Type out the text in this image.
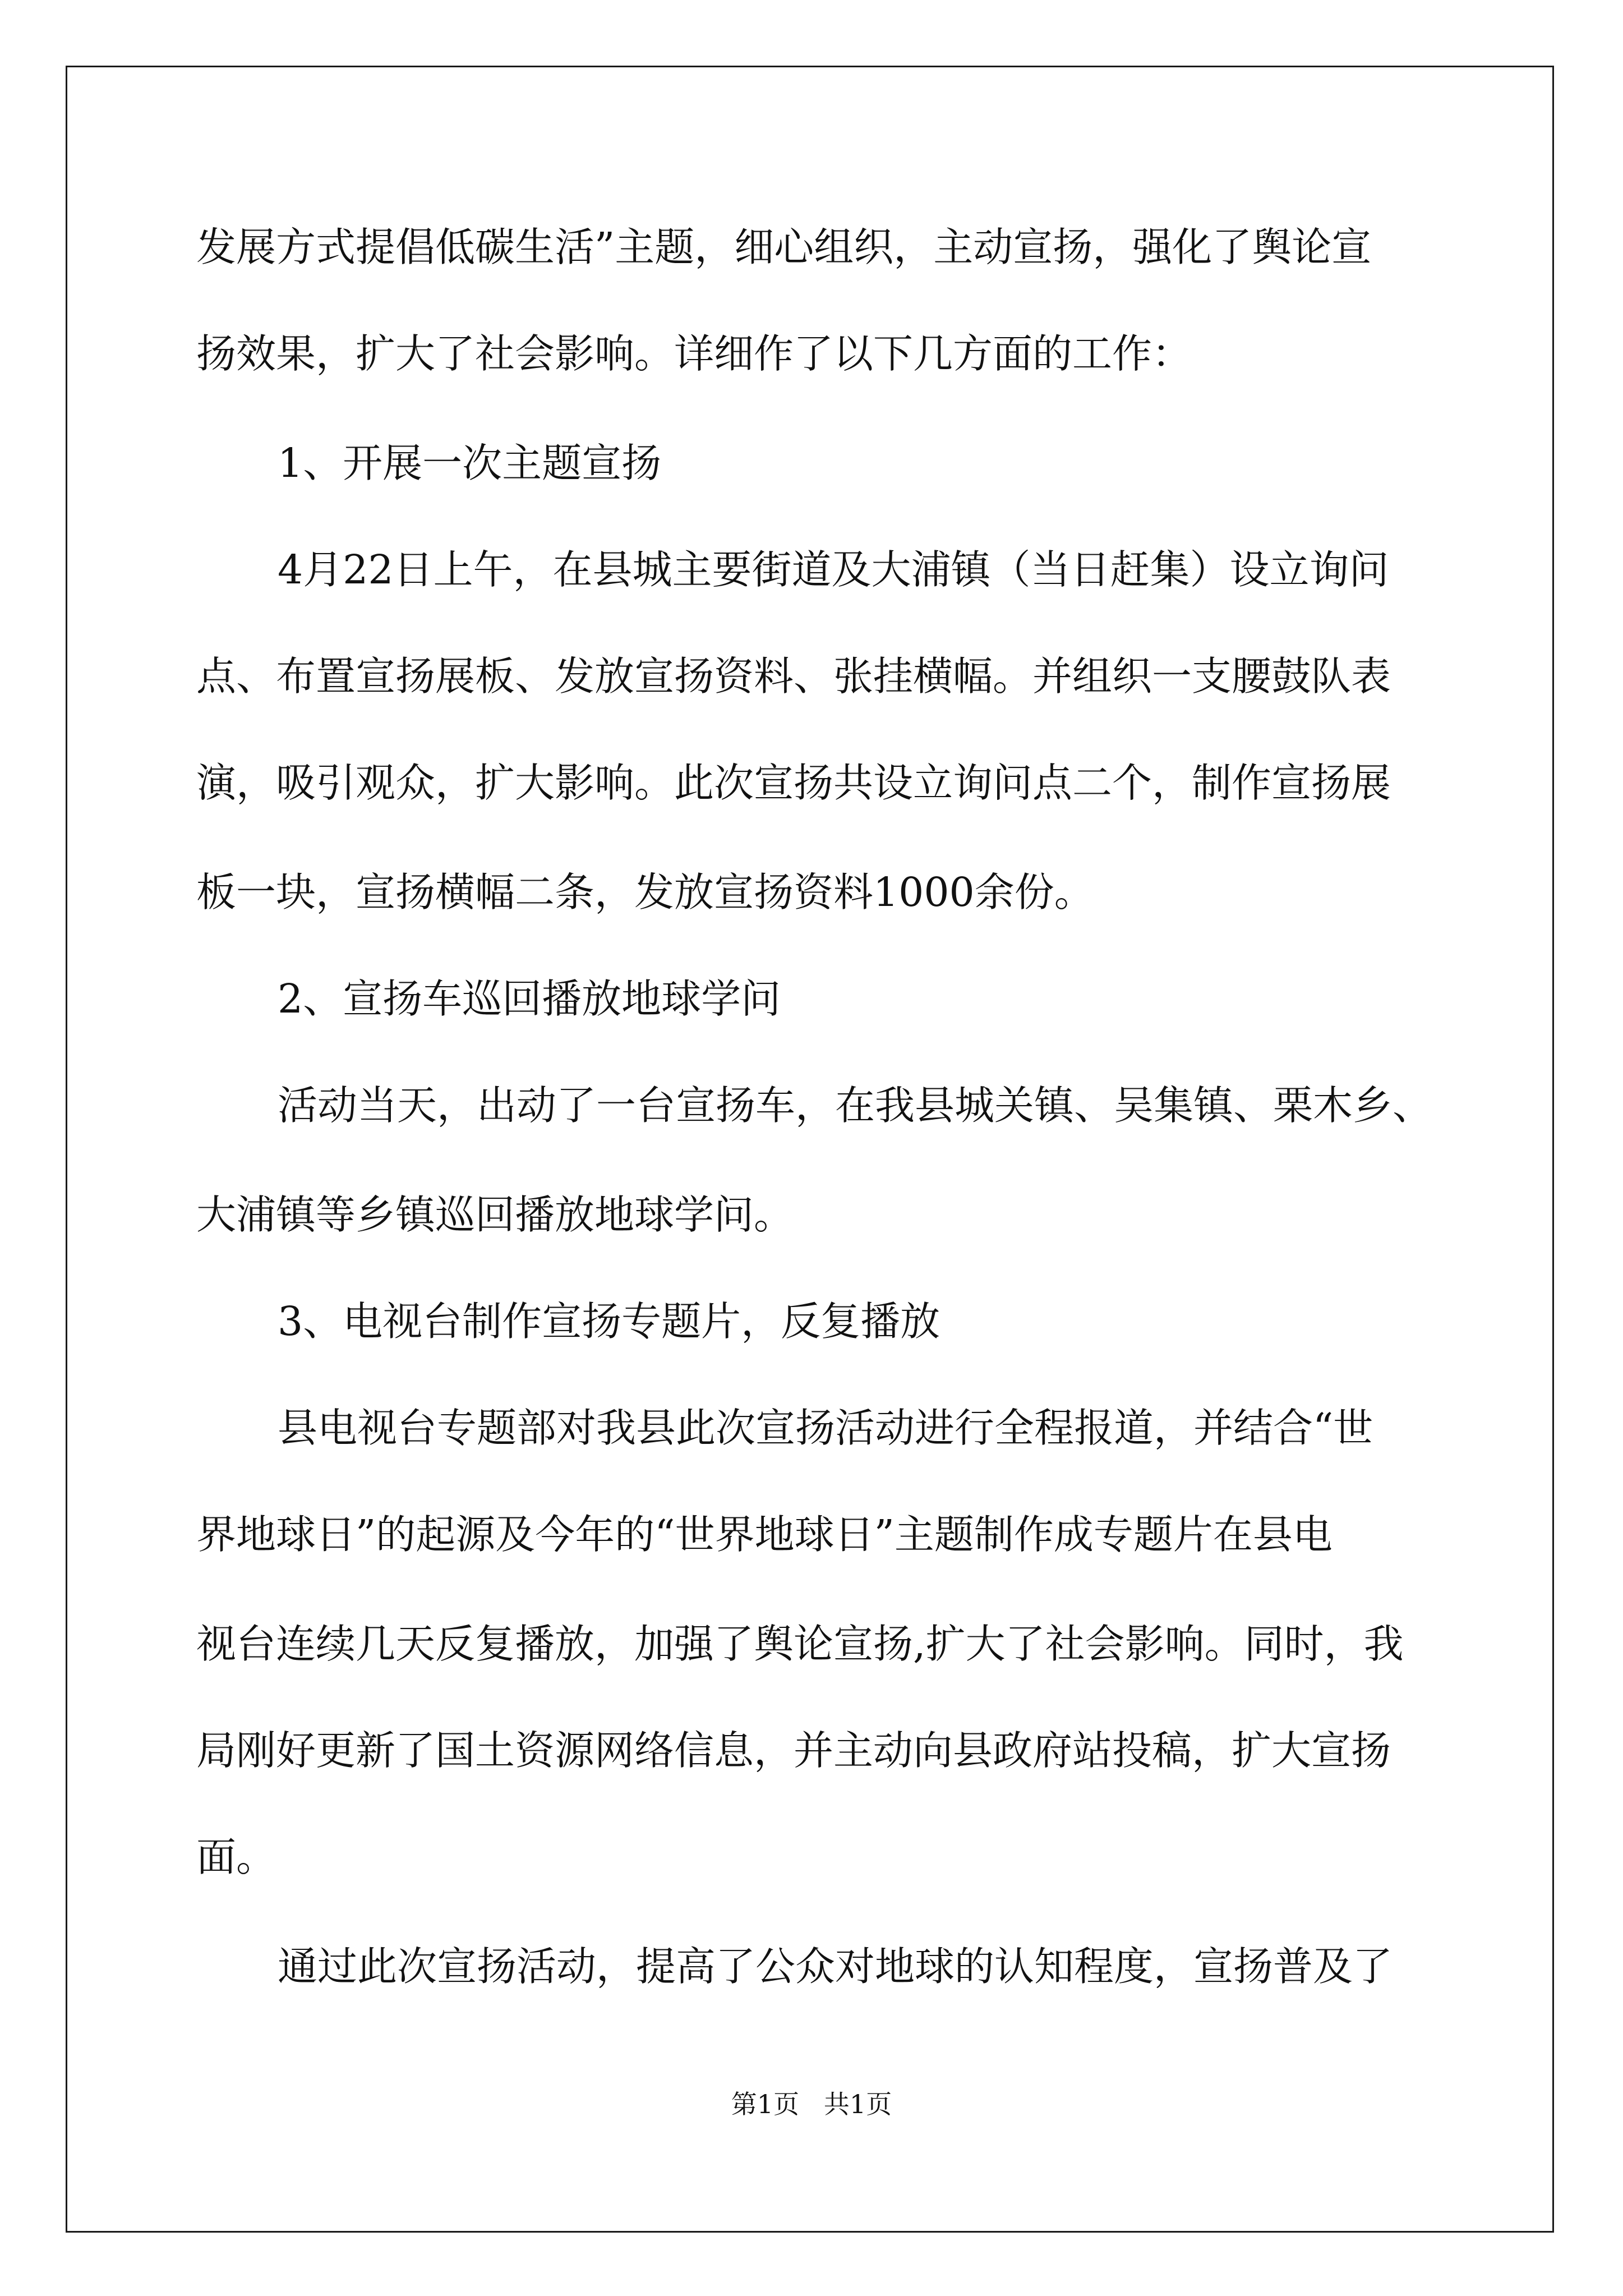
发展方式提倡低碳生活”主题，细心组织，主动宣扬，强化了舆论宣
扬效果，扩大了社会影响。详细作了以下几方面的工作：
1、开展一次主题宣扬
4月22日上午，在县城主要街道及大浦镇（当日赶集）设立询问
点、布置宣扬展板、发放宣扬资料、张挂横幅。并组织一支腰鼓队表
演，吸引观众，扩大影响。此次宣扬共设立询问点二个，制作宣扬展
板一块，宣扬横幅二条，发放宣扬资料1000余份。
2、宣扬车巡回播放地球学问
活动当天，出动了一台宣扬车，在我县城关镇、吴集镇、栗木乡、
大浦镇等乡镇巡回播放地球学问。
3、电视台制作宣扬专题片，反复播放
县电视台专题部对我县此次宣扬活动进行全程报道，并结合“世
界地球日”的起源及今年的“世界地球日”主题制作成专题片在县电
视台连续几天反复播放，加强了舆论宣扬,扩大了社会影响。同时，我
局刚好更新了国土资源网络信息，并主动向县政府站投稿，扩大宣扬
面。
通过此次宣扬活动，提高了公众对地球的认知程度，宣扬普及了
第1页   共1页
